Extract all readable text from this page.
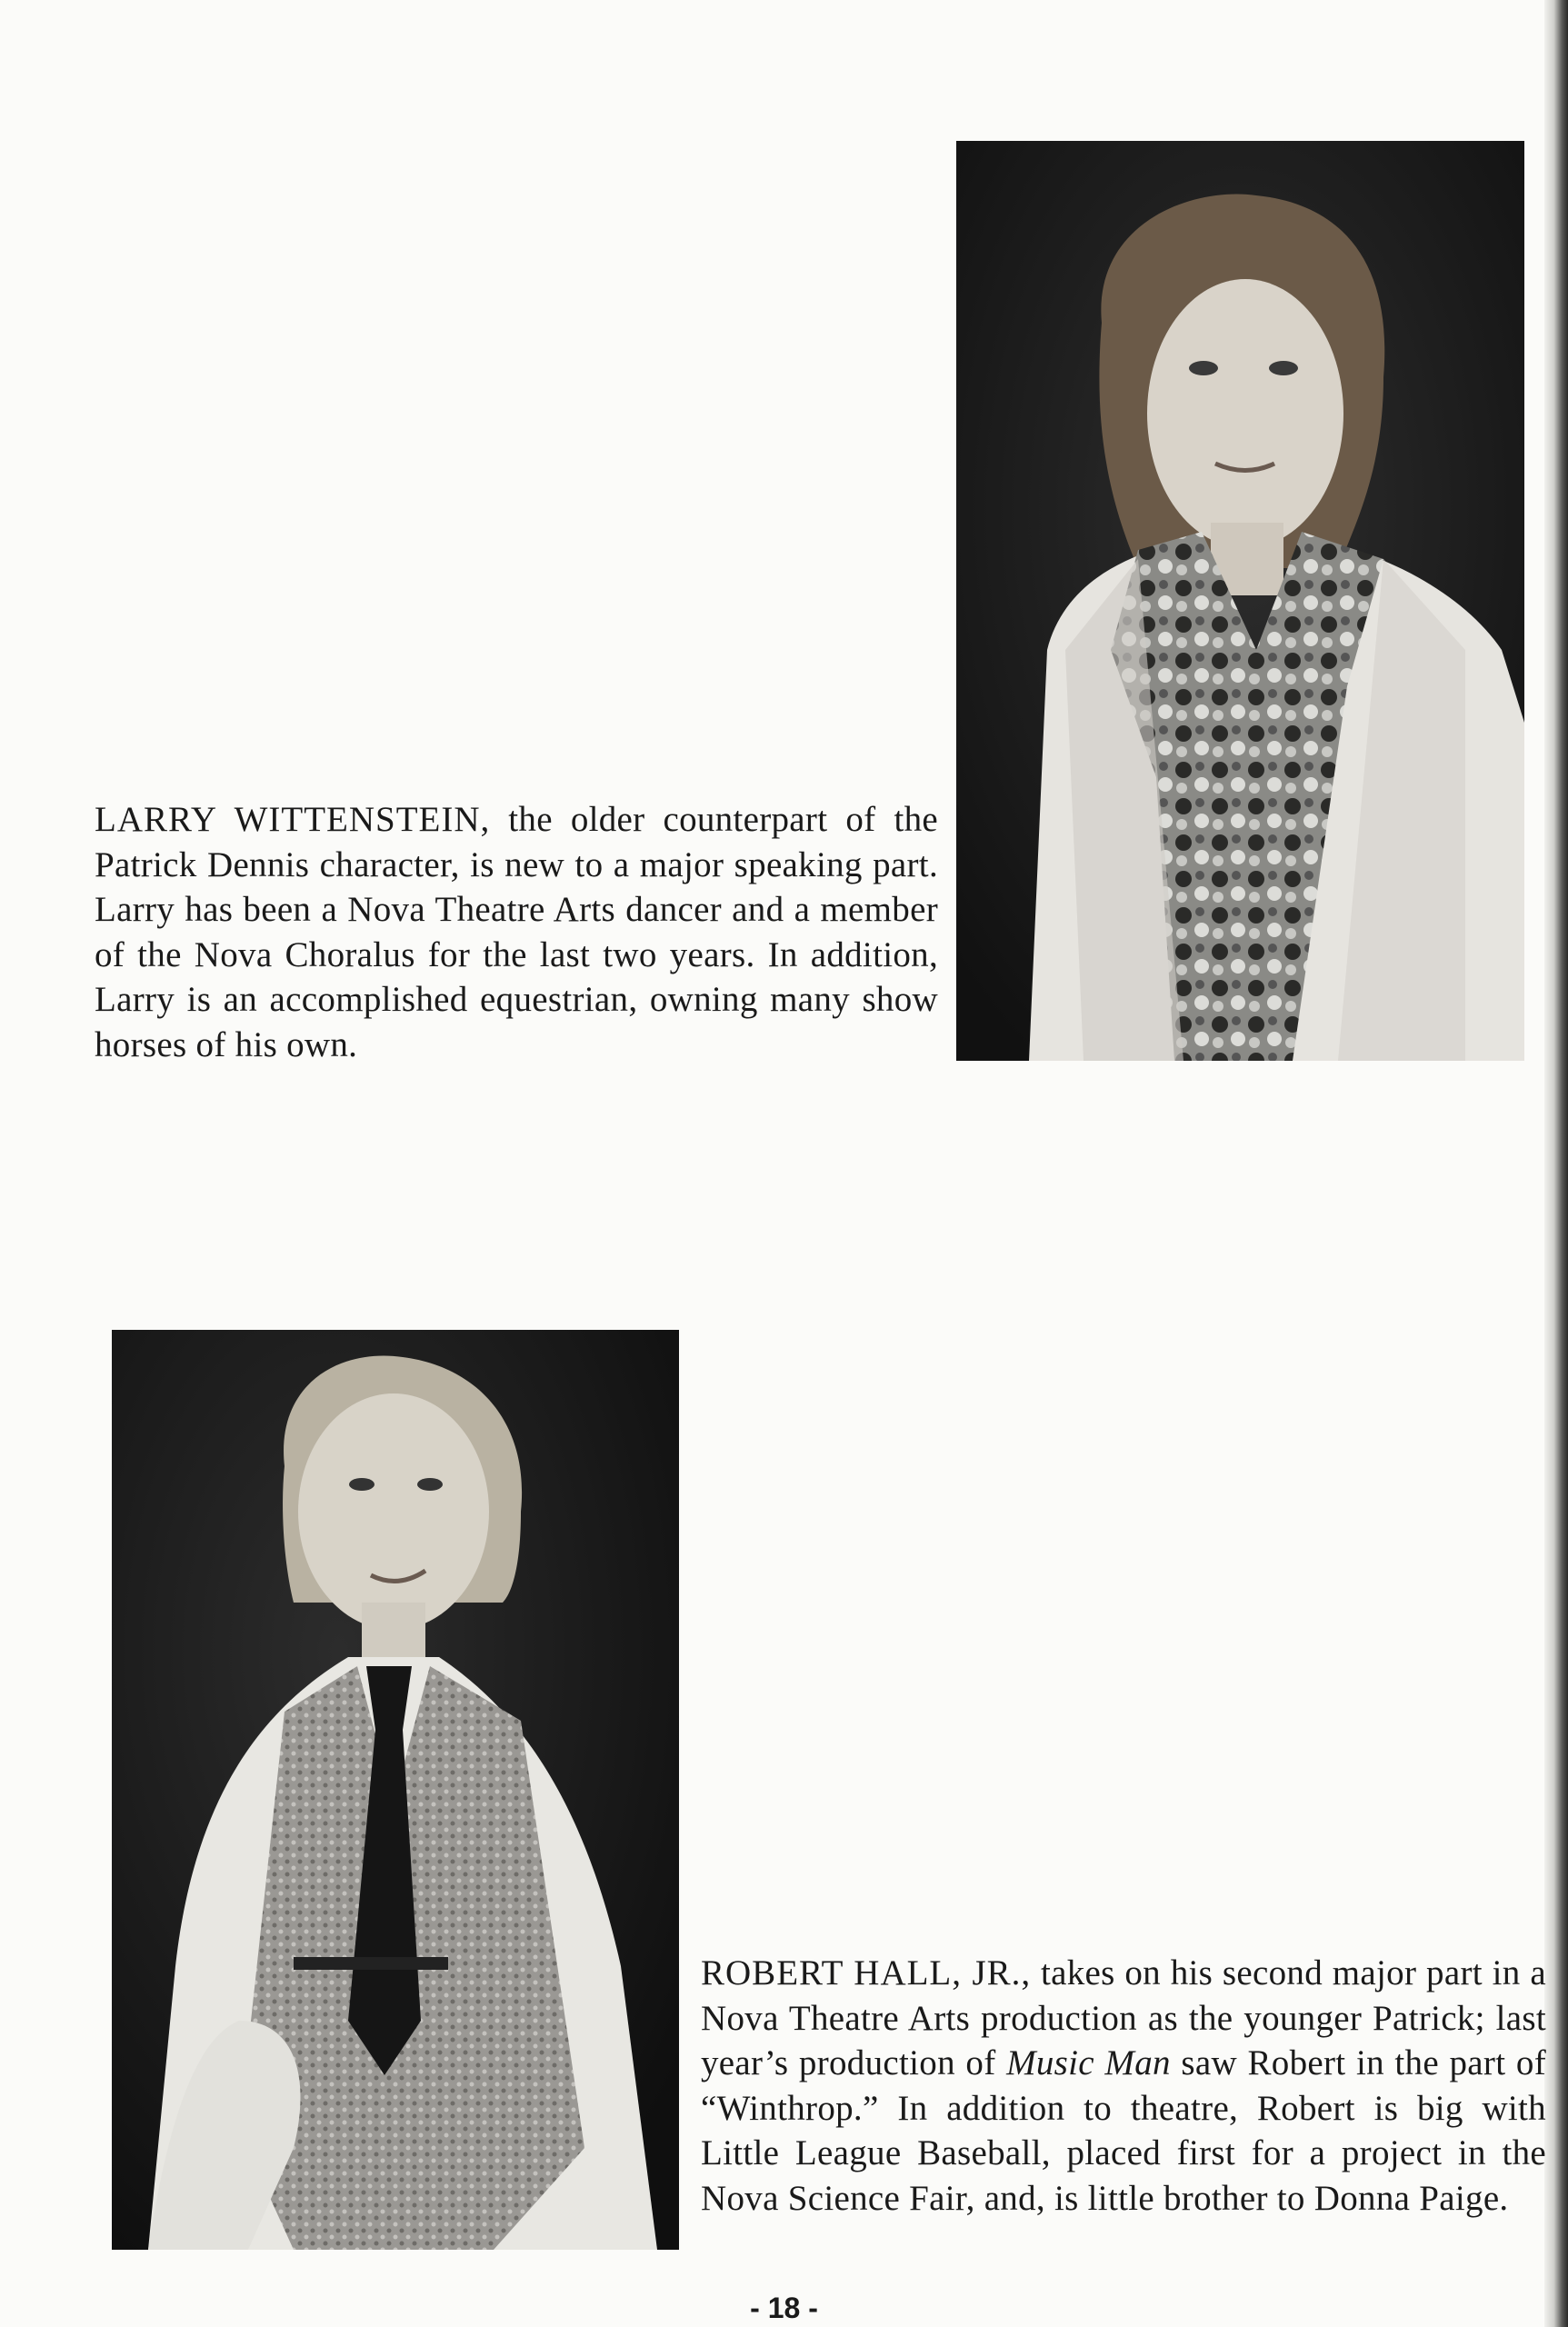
LARRY WITTENSTEIN, the older counterpart of the Patrick Dennis character, is new to a major speaking part. Larry has been a Nova Theatre Arts dancer and a member of the Nova Choralus for the last two years. In addition, Larry is an accomplished equestrian, owning many show horses of his own.

ROBERT HALL, JR., takes on his second major part in a Nova Theatre Arts production as the younger Patrick; last year’s production of Music Man saw Robert in the part of “Winthrop.” In addition to theatre, Robert is big with Little League Baseball, placed first for a project in the Nova Science Fair, and, is little brother to Donna Paige.

- 18 -
